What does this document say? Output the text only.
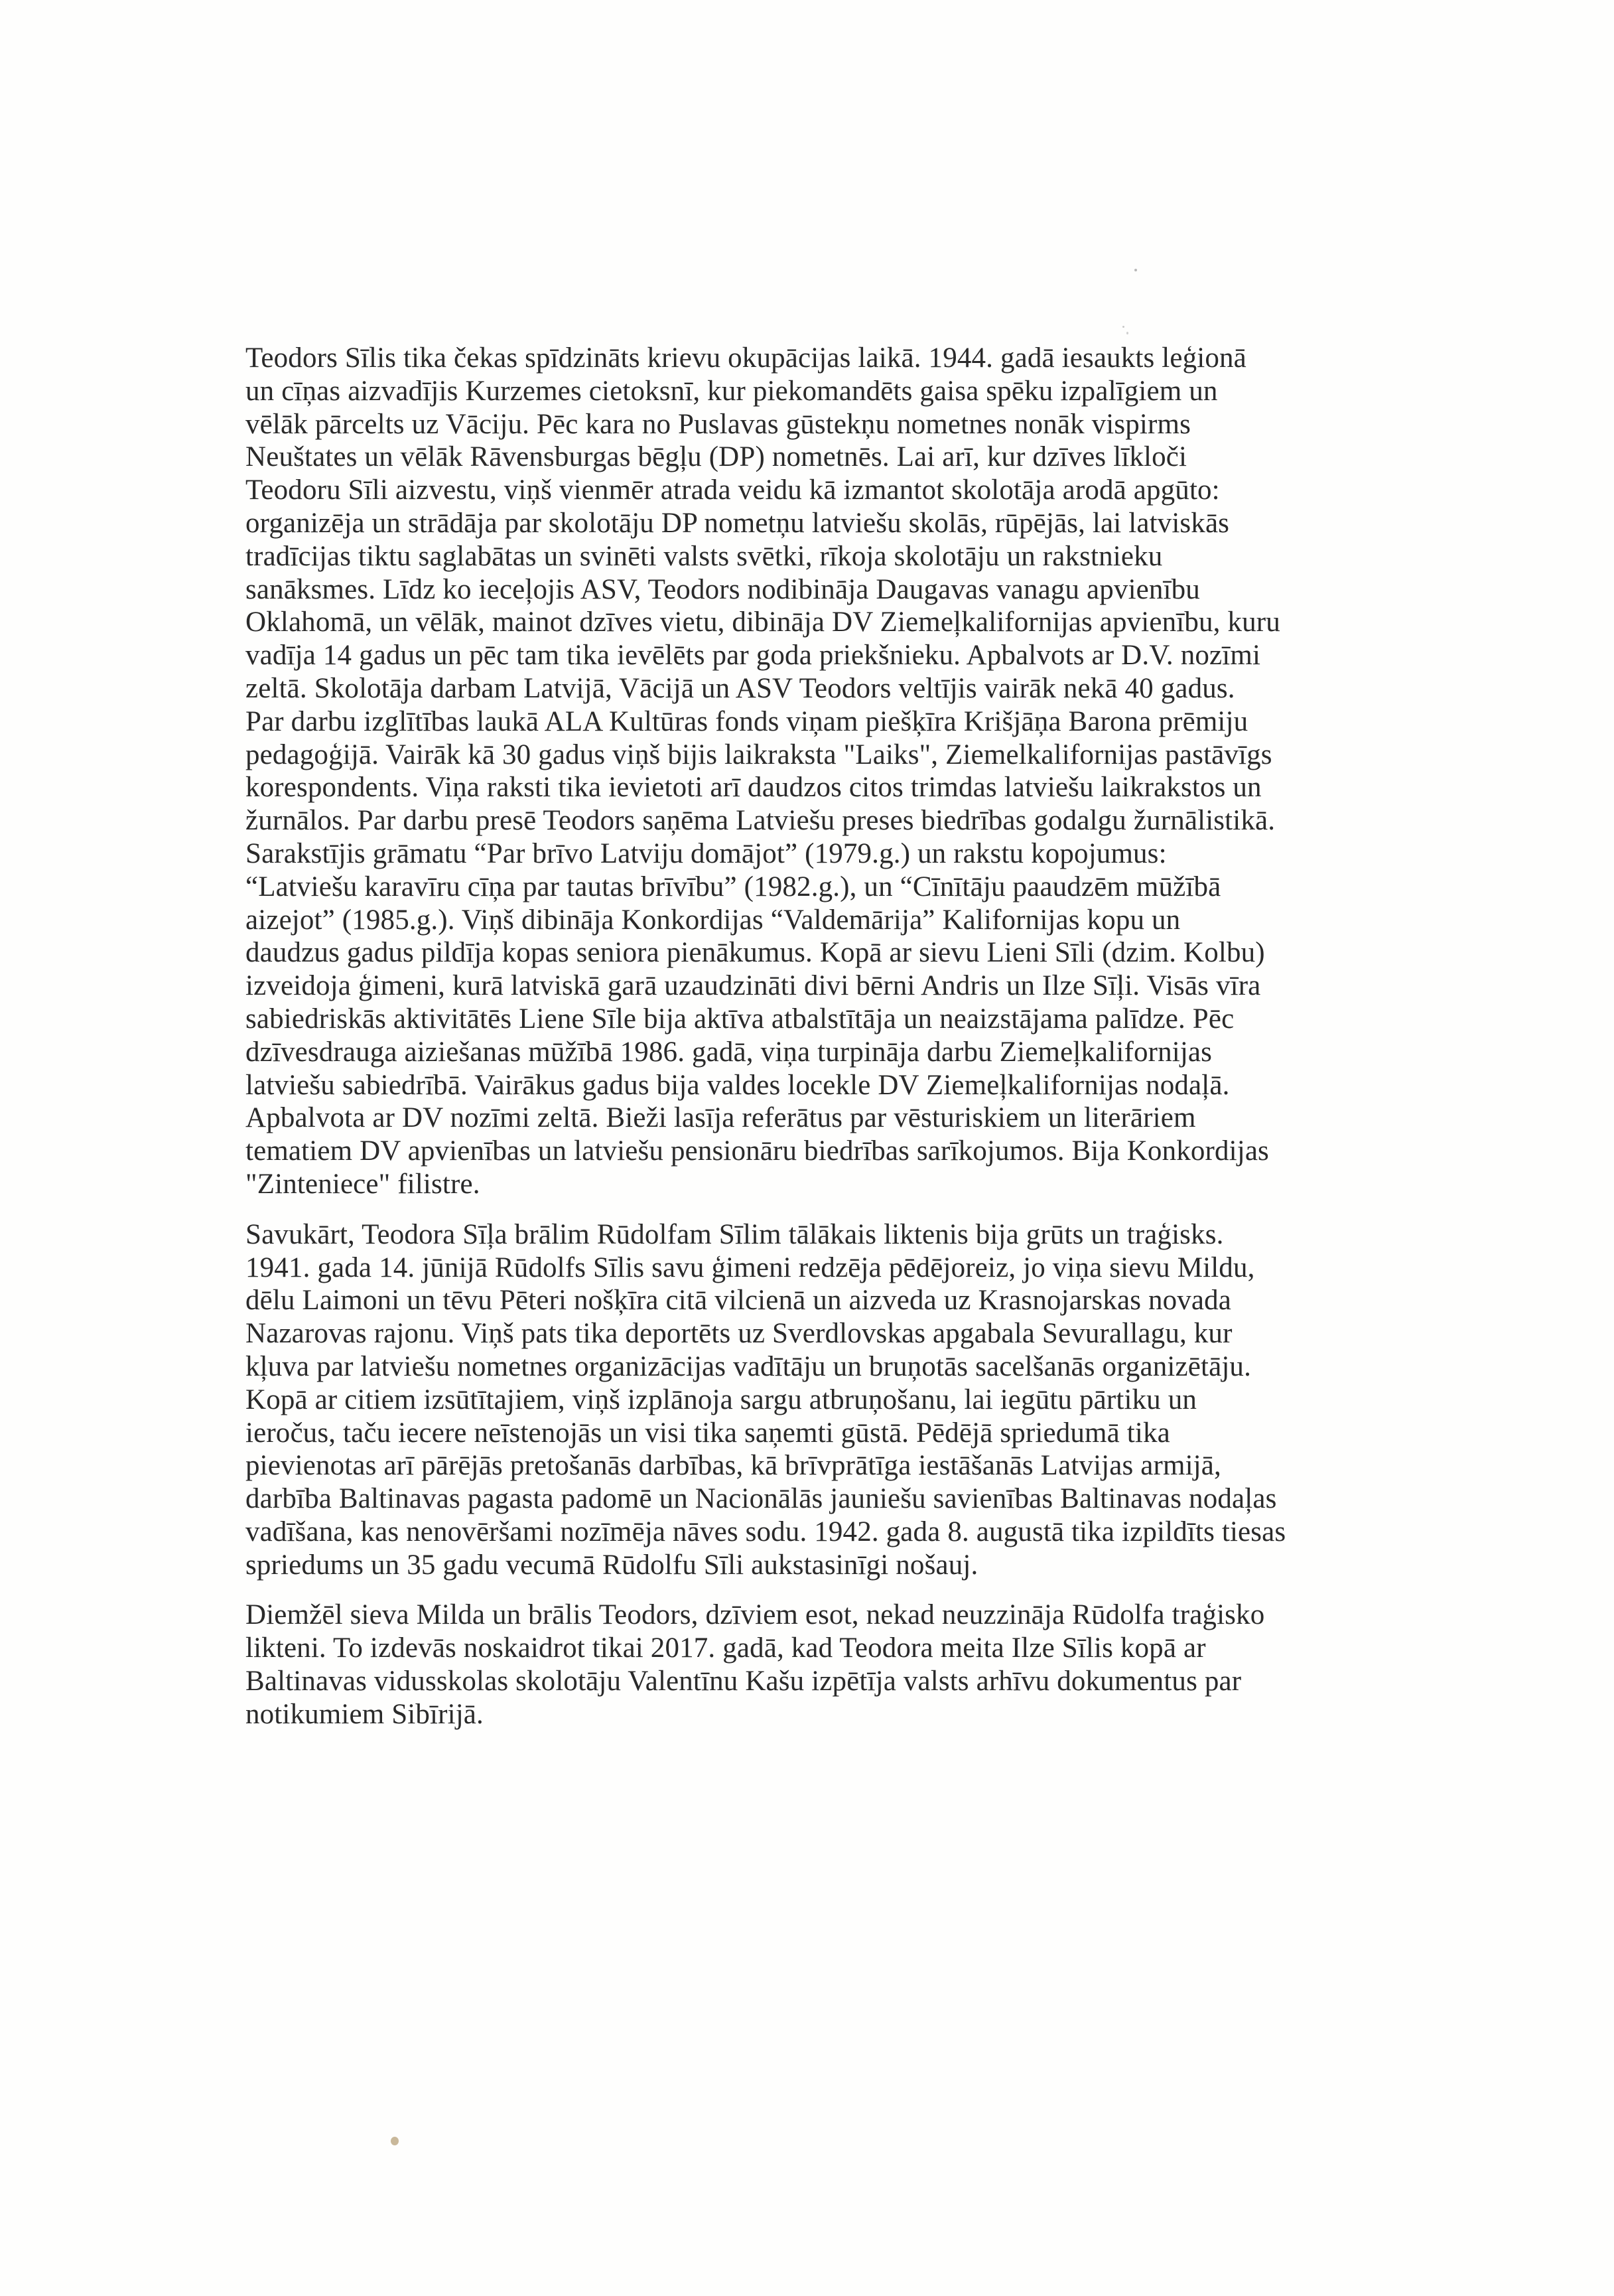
Teodors Sīlis tika čekas spīdzināts krievu okupācijas laikā. 1944. gadā iesaukts leģionā
un cīņas aizvadījis Kurzemes cietoksnī, kur piekomandēts gaisa spēku izpalīgiem un
vēlāk pārcelts uz Vāciju. Pēc kara no Puslavas gūstekņu nometnes nonāk vispirms
Neuštates un vēlāk Rāvensburgas bēgļu (DP) nometnēs. Lai arī, kur dzīves līkloči
Teodoru Sīli aizvestu, viņš vienmēr atrada veidu kā izmantot skolotāja arodā apgūto:
organizēja un strādāja par skolotāju DP nometņu latviešu skolās, rūpējās, lai latviskās
tradīcijas tiktu saglabātas un svinēti valsts svētki, rīkoja skolotāju un rakstnieku
sanāksmes. Līdz ko ieceļojis ASV, Teodors nodibināja Daugavas vanagu apvienību
Oklahomā, un vēlāk, mainot dzīves vietu, dibināja DV Ziemeļkalifornijas apvienību, kuru
vadīja 14 gadus un pēc tam tika ievēlēts par goda priekšnieku. Apbalvots ar D.V. nozīmi
zeltā. Skolotāja darbam Latvijā, Vācijā un ASV Teodors veltījis vairāk nekā 40 gadus.
Par darbu izglītības laukā ALA Kultūras fonds viņam piešķīra Krišjāņa Barona prēmiju
pedagoģijā. Vairāk kā 30 gadus viņš bijis laikraksta "Laiks", Ziemelkalifornijas pastāvīgs
korespondents. Viņa raksti tika ievietoti arī daudzos citos trimdas latviešu laikrakstos un
žurnālos. Par darbu presē Teodors saņēma Latviešu preses biedrības godalgu žurnālistikā.
Sarakstījis grāmatu “Par brīvo Latviju domājot” (1979.g.) un rakstu kopojumus:
“Latviešu karavīru cīņa par tautas brīvību” (1982.g.), un “Cīnītāju paaudzēm mūžībā
aizejot” (1985.g.). Viņš dibināja Konkordijas “Valdemārija” Kalifornijas kopu un
daudzus gadus pildīja kopas seniora pienākumus. Kopā ar sievu Lieni Sīli (dzim. Kolbu)
izveidoja ģimeni, kurā latviskā garā uzaudzināti divi bērni Andris un Ilze Sīļi. Visās vīra
sabiedriskās aktivitātēs Liene Sīle bija aktīva atbalstītāja un neaizstājama palīdze. Pēc
dzīvesdrauga aiziešanas mūžībā 1986. gadā, viņa turpināja darbu Ziemeļkalifornijas
latviešu sabiedrībā. Vairākus gadus bija valdes locekle DV Ziemeļkalifornijas nodaļā.
Apbalvota ar DV nozīmi zeltā. Bieži lasīja referātus par vēsturiskiem un literāriem
tematiem DV apvienības un latviešu pensionāru biedrības sarīkojumos. Bija Konkordijas
"Zinteniece" filistre.

Savukārt, Teodora Sīļa brālim Rūdolfam Sīlim tālākais liktenis bija grūts un traģisks.
1941. gada 14. jūnijā Rūdolfs Sīlis savu ģimeni redzēja pēdējoreiz, jo viņa sievu Mildu,
dēlu Laimoni un tēvu Pēteri nošķīra citā vilcienā un aizveda uz Krasnojarskas novada
Nazarovas rajonu. Viņš pats tika deportēts uz Sverdlovskas apgabala Sevurallagu, kur
kļuva par latviešu nometnes organizācijas vadītāju un bruņotās sacelšanās organizētāju.
Kopā ar citiem izsūtītajiem, viņš izplānoja sargu atbruņošanu, lai iegūtu pārtiku un
ieročus, taču iecere neīstenojās un visi tika saņemti gūstā. Pēdējā spriedumā tika
pievienotas arī pārējās pretošanās darbības, kā brīvprātīga iestāšanās Latvijas armijā,
darbība Baltinavas pagasta padomē un Nacionālās jauniešu savienības Baltinavas nodaļas
vadīšana, kas nenovēršami nozīmēja nāves sodu. 1942. gada 8. augustā tika izpildīts tiesas
spriedums un 35 gadu vecumā Rūdolfu Sīli aukstasinīgi nošauj.

Diemžēl sieva Milda un brālis Teodors, dzīviem esot, nekad neuzzināja Rūdolfa traģisko
likteni. To izdevās noskaidrot tikai 2017. gadā, kad Teodora meita Ilze Sīlis kopā ar
Baltinavas vidusskolas skolotāju Valentīnu Kašu izpētīja valsts arhīvu dokumentus par
notikumiem Sibīrijā.
